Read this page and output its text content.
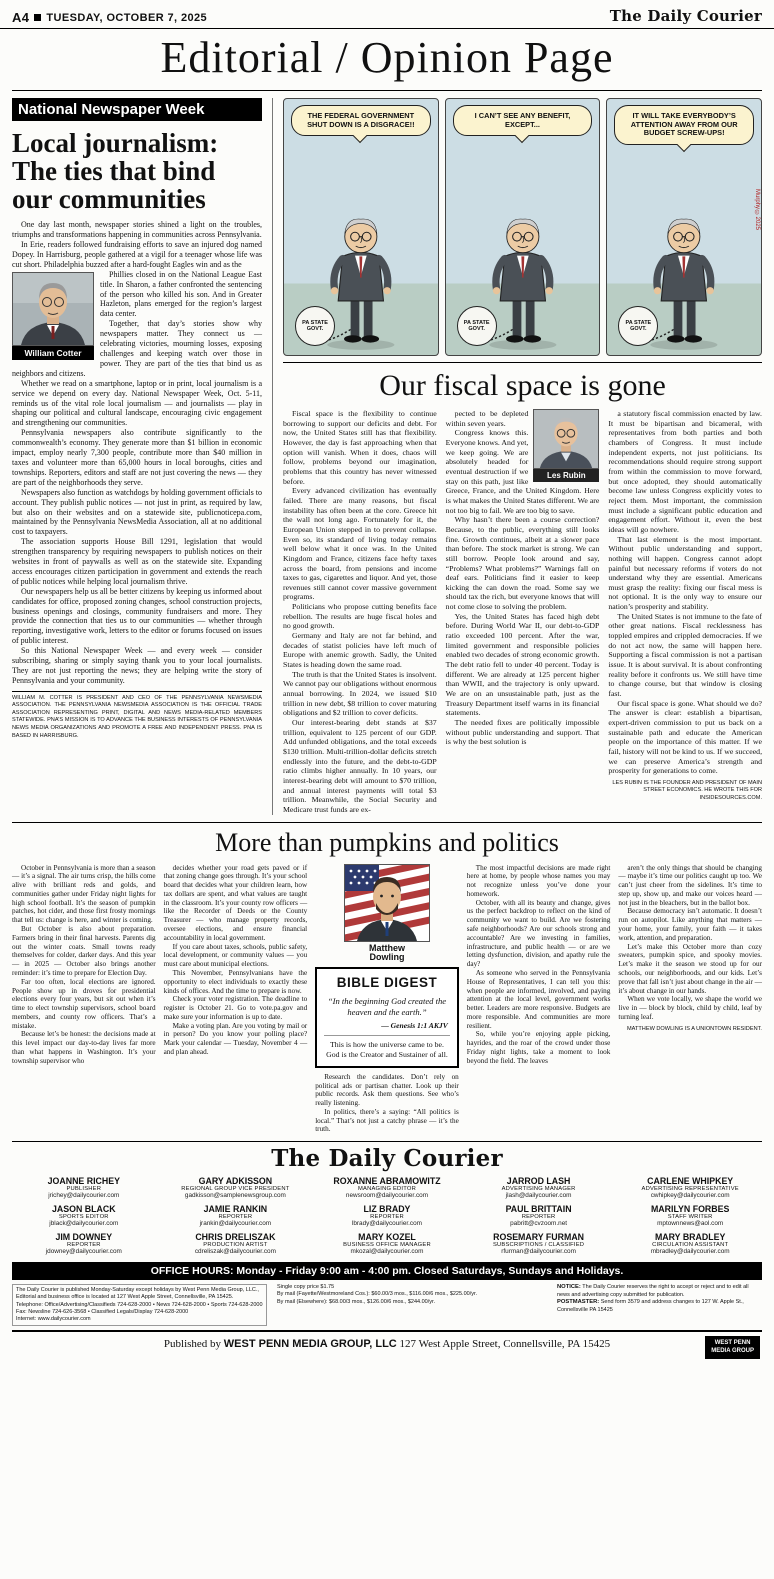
A4 TUESDAY, OCTOBER 7, 2025	The Daily Courier
Editorial / Opinion Page
National Newspaper Week
Local journalism: The ties that bind our communities

One day last month, newspaper stories shined a light on the troubles, triumphs and transformations happening in communities across Pennsylvania.

In Erie, readers followed fundraising efforts to save an injured dog named Dopey. In Harrisburg, people gathered at a vigil for a teenager whose life was cut short. Philadelphia buzzed after a hard-fought Eagles win and as the

William Cotter

Phillies closed in on the National League East title. In Sharon, a father confronted the sentencing of the person who killed his son. And in Greater Hazleton, plans emerged for the region’s largest data center.

Together, that day’s stories show why newspapers matter. They connect us — celebrating victories, mourning losses, exposing challenges and keeping watch over those in power. They are part of the ties that bind us as neighbors and citizens.

Whether we read on a smartphone, laptop or in print, local journalism is a service we depend on every day. National Newspaper Week, Oct. 5-11, reminds us of the vital role local journalism — and journalists — play in shaping our political and cultural landscape, encouraging civic engagement and strengthening our communities.

Pennsylvania newspapers also contribute significantly to the commonwealth’s economy. They generate more than $1 billion in economic impact, employ nearly 7,300 people, contribute more than $40 million in taxes and volunteer more than 65,000 hours in local boroughs, cities and townships. Reporters, editors and staff are not just covering the news — they are part of the neighborhoods they serve.

Newspapers also function as watchdogs by holding government officials to account. They publish public notices — not just in print, as required by law, but also on their websites and on a statewide site, publicnoticepa.com, maintained by the Pennsylvania NewsMedia Association, all at no additional cost to taxpayers.

The association supports House Bill 1291, legislation that would strengthen transparency by requiring newspapers to publish notices on their websites in front of paywalls as well as on the statewide site. Expanding access encourages citizen participation in government and extends the reach of public notices while helping local journalism thrive.

Our newspapers help us all be better citizens by keeping us informed about candidates for office, proposed zoning changes, school construction projects, business openings and closings, community fundraisers and more. They provide the connection that ties us to our communities — whether through reporting, investigative work, letters to the editor or forums focused on issues of public interest.

So this National Newspaper Week — and every week — consider subscribing, sharing or simply saying thank you to your local journalists. They are not just reporting the news; they are helping write the story of Pennsylvania and your community.

WILLIAM M. COTTER IS PRESIDENT AND CEO OF THE PENNSYLVANIA NEWSMEDIA ASSOCIATION. THE PENNSYLVANIA NEWSMEDIA ASSOCIATION IS THE OFFICIAL TRADE ASSOCIATION REPRESENTING PRINT, DIGITAL AND NEWS MEDIA-RELATED MEMBERS STATEWIDE. PNA’S MISSION IS TO ADVANCE THE BUSINESS INTERESTS OF PENNSYLVANIA NEWS MEDIA ORGANIZATIONS AND PROMOTE A FREE AND INDEPENDENT PRESS. PNA IS BASED IN HARRISBURG.
THE FEDERAL GOVERNMENT SHUT DOWN IS A DISGRACE!!
PA STATE GOVT.
I CAN’T SEE ANY BENEFIT, EXCEPT...
PA STATE GOVT.
IT WILL TAKE EVERYBODY’S ATTENTION AWAY FROM OUR BUDGET SCREW-UPS!
PA STATE GOVT.
Murphy ©2025
Our fiscal space is gone

Fiscal space is the flexibility to continue borrowing to support our deficits and debt. For now, the United States still has that flexibility. However, the day is fast approaching when that option will vanish. When it does, chaos will follow, problems beyond our imagination, problems that this country has never witnessed before.

Every advanced civilization has eventually failed. There are many reasons, but fiscal instability has often been at the core. Greece hit the wall not long ago. Fortunately for it, the European Union stepped in to prevent collapse. Even so, its standard of living today remains well below what it once was. In the United Kingdom and France, citizens face hefty taxes across the board, from pensions and income taxes to gas, cigarettes and liquor. And yet, those revenues still cannot cover massive government programs.

Politicians who propose cutting benefits face rebellion. The results are huge fiscal holes and no good growth.

Germany and Italy are not far behind, and decades of statist policies have left much of Europe with anemic growth. Sadly, the United States is heading down the same road.

The truth is that the United States is insolvent. We cannot pay our obligations without enormous annual borrowing. In 2024, we issued $10 trillion in new debt, $8 trillion to cover maturing obligations and $2 trillion to cover deficits.

Our interest-bearing debt stands at $37 trillion, equivalent to 125 percent of our GDP. Add unfunded obligations, and the total exceeds $130 trillion. Multi-trillion-dollar deficits stretch endlessly into the future, and the debt-to-GDP ratio climbs higher annually. In 10 years, our interest-bearing debt will amount to $70 trillion, and annual interest payments will total $3 trillion. Meanwhile, the Social Security and Medicare trust funds are ex-

Les Rubin

pected to be depleted within seven years.

Congress knows this. Everyone knows. And yet, we keep going. We are absolutely headed for eventual destruction if we stay on this path, just like Greece, France, and the United Kingdom. Here is what makes the United States different. We are not too big to fail. We are too big to save.

Why hasn’t there been a course correction? Because, to the public, everything still looks fine. Growth continues, albeit at a slower pace than before. The stock market is strong. We can still borrow. People look around and say, “Problems? What problems?” Warnings fall on deaf ears. Politicians find it easier to keep kicking the can down the road. Some say we should tax the rich, but everyone knows that will not come close to solving the problem.

Yes, the United States has faced high debt before. During World War II, our debt-to-GDP ratio exceeded 100 percent. After the war, limited government and responsible policies enabled two decades of strong economic growth. The debt ratio fell to under 40 percent. Today is different. We are already at 125 percent higher than WWII, and the trajectory is only upward. We are on an unsustainable path, just as the Treasury Department itself warns in its financial statements.

The needed fixes are politically impossible without public understanding and support. That is why the best solution is

a statutory fiscal commission enacted by law. It must be bipartisan and bicameral, with representatives from both parties and both chambers of Congress. It must include independent experts, not just politicians. Its recommendations should require strong support from within the commission to move forward, but once adopted, they should automatically become law unless Congress explicitly votes to reject them. Most important, the commission must include a significant public education and engagement effort. Without it, even the best ideas will go nowhere.

That last element is the most important. Without public understanding and support, nothing will happen. Congress cannot adopt painful but necessary reforms if voters do not understand why they are essential. Americans must grasp the reality: fixing our fiscal mess is not optional. It is the only way to ensure our nation’s prosperity and stability.

The United States is not immune to the fate of other great nations. Fiscal recklessness has toppled empires and crippled democracies. If we do not act now, the same will happen here. Supporting a fiscal commission is not a partisan issue. It is about survival. It is about confronting reality before it confronts us. We still have time to change course, but that window is closing fast.

Our fiscal space is gone. What should we do? The answer is clear: establish a bipartisan, expert-driven commission to put us back on a sustainable path and educate the American people on the importance of this matter. If we fail, history will not be kind to us. If we succeed, we can preserve America’s strength and prosperity for generations to come.

LES RUBIN IS THE FOUNDER AND PRESIDENT OF MAIN STREET ECONOMICS. HE WROTE THIS FOR INSIDESOURCES.COM.
More than pumpkins and politics

October in Pennsylvania is more than a season — it’s a signal. The air turns crisp, the hills come alive with brilliant reds and golds, and communities gather under Friday night lights for high school football. It’s the season of pumpkin patches, hot cider, and those first frosty mornings that tell us: change is here, and winter is coming.

But October is also about preparation. Farmers bring in their final harvests. Parents dig out the winter coats. Small towns ready themselves for colder, darker days. And this year — in 2025 — October also brings another reminder: it’s time to prepare for Election Day.

Far too often, local elections are ignored. People show up in droves for presidential elections every four years, but sit out when it’s time to elect township supervisors, school board members, and county row officers. That’s a mistake.

Because let’s be honest: the decisions made at this level impact our day-to-day lives far more than what happens in Washington. It’s your township supervisor who

decides whether your road gets paved or if that zoning change goes through. It’s your school board that decides what your children learn, how tax dollars are spent, and what values are taught in the classroom. It’s your county row officers — like the Recorder of Deeds or the County Treasurer — who manage property records, oversee elections, and ensure financial accountability in local government.

If you care about taxes, schools, public safety, local development, or community values — you must care about municipal elections.

This November, Pennsylvanians have the opportunity to elect individuals to exactly these kinds of offices. And the time to prepare is now.

Check your voter registration. The deadline to register is October 21. Go to vote.pa.gov and make sure your information is up to date.

Make a voting plan. Are you voting by mail or in person? Do you know your polling place? Mark your calendar — Tuesday, November 4 — and plan ahead.

Matthew Dowling
BIBLE DIGEST
“In the beginning God created the heaven and the earth.”
— Genesis 1:1 AKJV
This is how the universe came to be. God is the Creator and Sustainer of all.

Research the candidates. Don’t rely on political ads or partisan chatter. Look up their public records. Ask them questions. See who’s really listening.

In politics, there’s a saying: “All politics is local.” That’s not just a catchy phrase — it’s the truth.

The most impactful decisions are made right here at home, by people whose names you may not recognize unless you’ve done your homework.

October, with all its beauty and change, gives us the perfect backdrop to reflect on the kind of community we want to build. Are we fostering safe neighborhoods? Are our schools strong and accountable? Are we investing in families, infrastructure, and public health — or are we letting dysfunction, division, and apathy rule the day?

As someone who served in the Pennsylvania House of Representatives, I can tell you this: when people are informed, involved, and paying attention at the local level, government works better. Leaders are more responsive. Budgets are more responsible. And communities are more resilient.

So, while you’re enjoying apple picking, hayrides, and the roar of the crowd under those Friday night lights, take a moment to look beyond the field. The leaves

aren’t the only things that should be changing — maybe it’s time our politics caught up too. We can’t just cheer from the sidelines. It’s time to step up, show up, and make our voices heard — not just in the bleachers, but in the ballot box.

Because democracy isn’t automatic. It doesn’t run on autopilot. Like anything that matters — your home, your family, your faith — it takes work, attention, and preparation.

Let’s make this October more than cozy sweaters, pumpkin spice, and spooky movies. Let’s make it the season we stood up for our schools, our neighborhoods, and our kids. Let’s prove that fall isn’t just about change in the air — it’s about change in our hands.

When we vote locally, we shape the world we live in — block by block, child by child, leaf by turning leaf.

MATTHEW DOWLING IS A UNIONTOWN RESIDENT.
The Daily Courier
JOANNE RICHEY
PUBLISHER
jrichey@dailycourier.com
JASON BLACK
SPORTS EDITOR
jblack@dailycourier.com
JIM DOWNEY
REPORTER
jdowney@dailycourier.com
GARY ADKISSON
REGIONAL GROUP VICE PRESIDENT
gadkisson@samplenewsgroup.com
JAMIE RANKIN
REPORTER
jrankin@dailycourier.com
CHRIS DRELISZAK
PRODUCTION ARTIST
cdreliszak@dailycourier.com
ROXANNE ABRAMOWITZ
MANAGING EDITOR
newsroom@dailycourier.com
LIZ BRADY
REPORTER
lbrady@dailycourier.com
MARY KOZEL
BUSINESS OFFICE MANAGER
mkozal@dailycourier.com
JARROD LASH
ADVERTISING MANAGER
jlash@dailycourier.com
PAUL BRITTAIN
REPORTER
pabritt@cvzoom.net
ROSEMARY FURMAN
SUBSCRIPTIONS / CLASSIFIED
rfurman@dailycourier.com
CARLENE WHIPKEY
ADVERTISING REPRESENTATIVE
cwhipkey@dailycourier.com
MARILYN FORBES
STAFF WRITER
mptownnews@aol.com
MARY BRADLEY
CIRCULATION ASSISTANT
mbradley@dailycourier.com
OFFICE HOURS: Monday - Friday 9:00 am - 4:00 pm. Closed Saturdays, Sundays and Holidays.

The Daily Courier is published Monday-Saturday except holidays by West Penn Media Group, LLC.,

Editorial and business office is located at 127 West Apple Street, Connellsville, PA 15425.

Telephone: Office/Advertising/Classifieds 724-628-2000 • News 724-628-2000 • Sports 724-628-2000

Fax: Newsline 724-626-3568 • Classified Legals/Display 724-628-2000

Internet: www.dailycourier.com

Single copy price $1.75

By mail (Fayette/Westmoreland Cos.): $60.00/3 mos., $116.00/6 mos., $225.00/yr.

By mail (Elsewhere): $68.00/3 mos., $126.00/6 mos., $244.00/yr.

NOTICE: The Daily Courier reserves the right to accept or reject and to edit all news and advertising copy submitted for publication.

POSTMASTER: Send form 3579 and address changes to 127 W. Apple St., Connellsville PA 15425

Published by WEST PENN MEDIA GROUP, LLC 127 West Apple Street, Connellsville, PA 15425	WEST PENN
MEDIA GROUP
